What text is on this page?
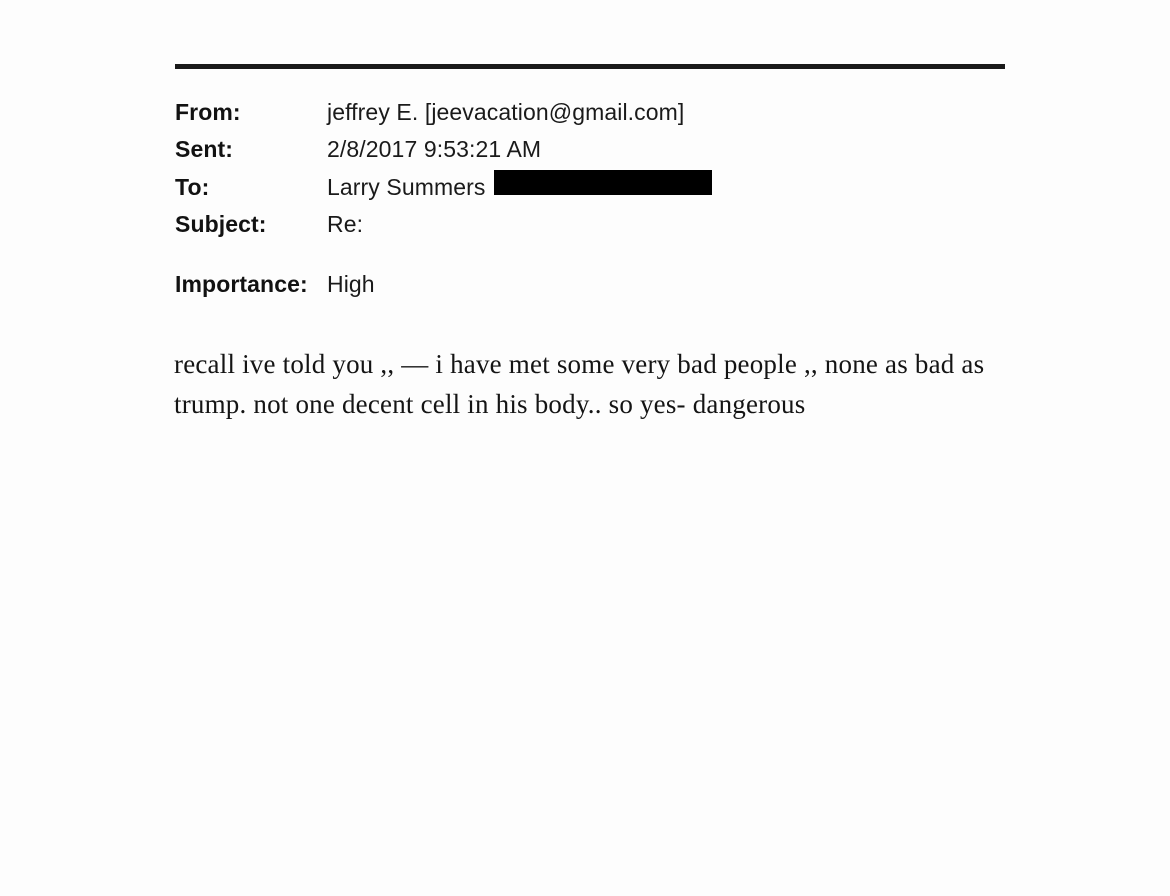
From:	jeffrey E. [jeevacation@gmail.com]
Sent:	2/8/2017 9:53:21 AM
To:	Larry Summers
Subject:	Re:
Importance: High
recall ive told you ,, — i have met some very bad people ,, none as bad as trump. not one decent cell in his body.. so yes- dangerous
